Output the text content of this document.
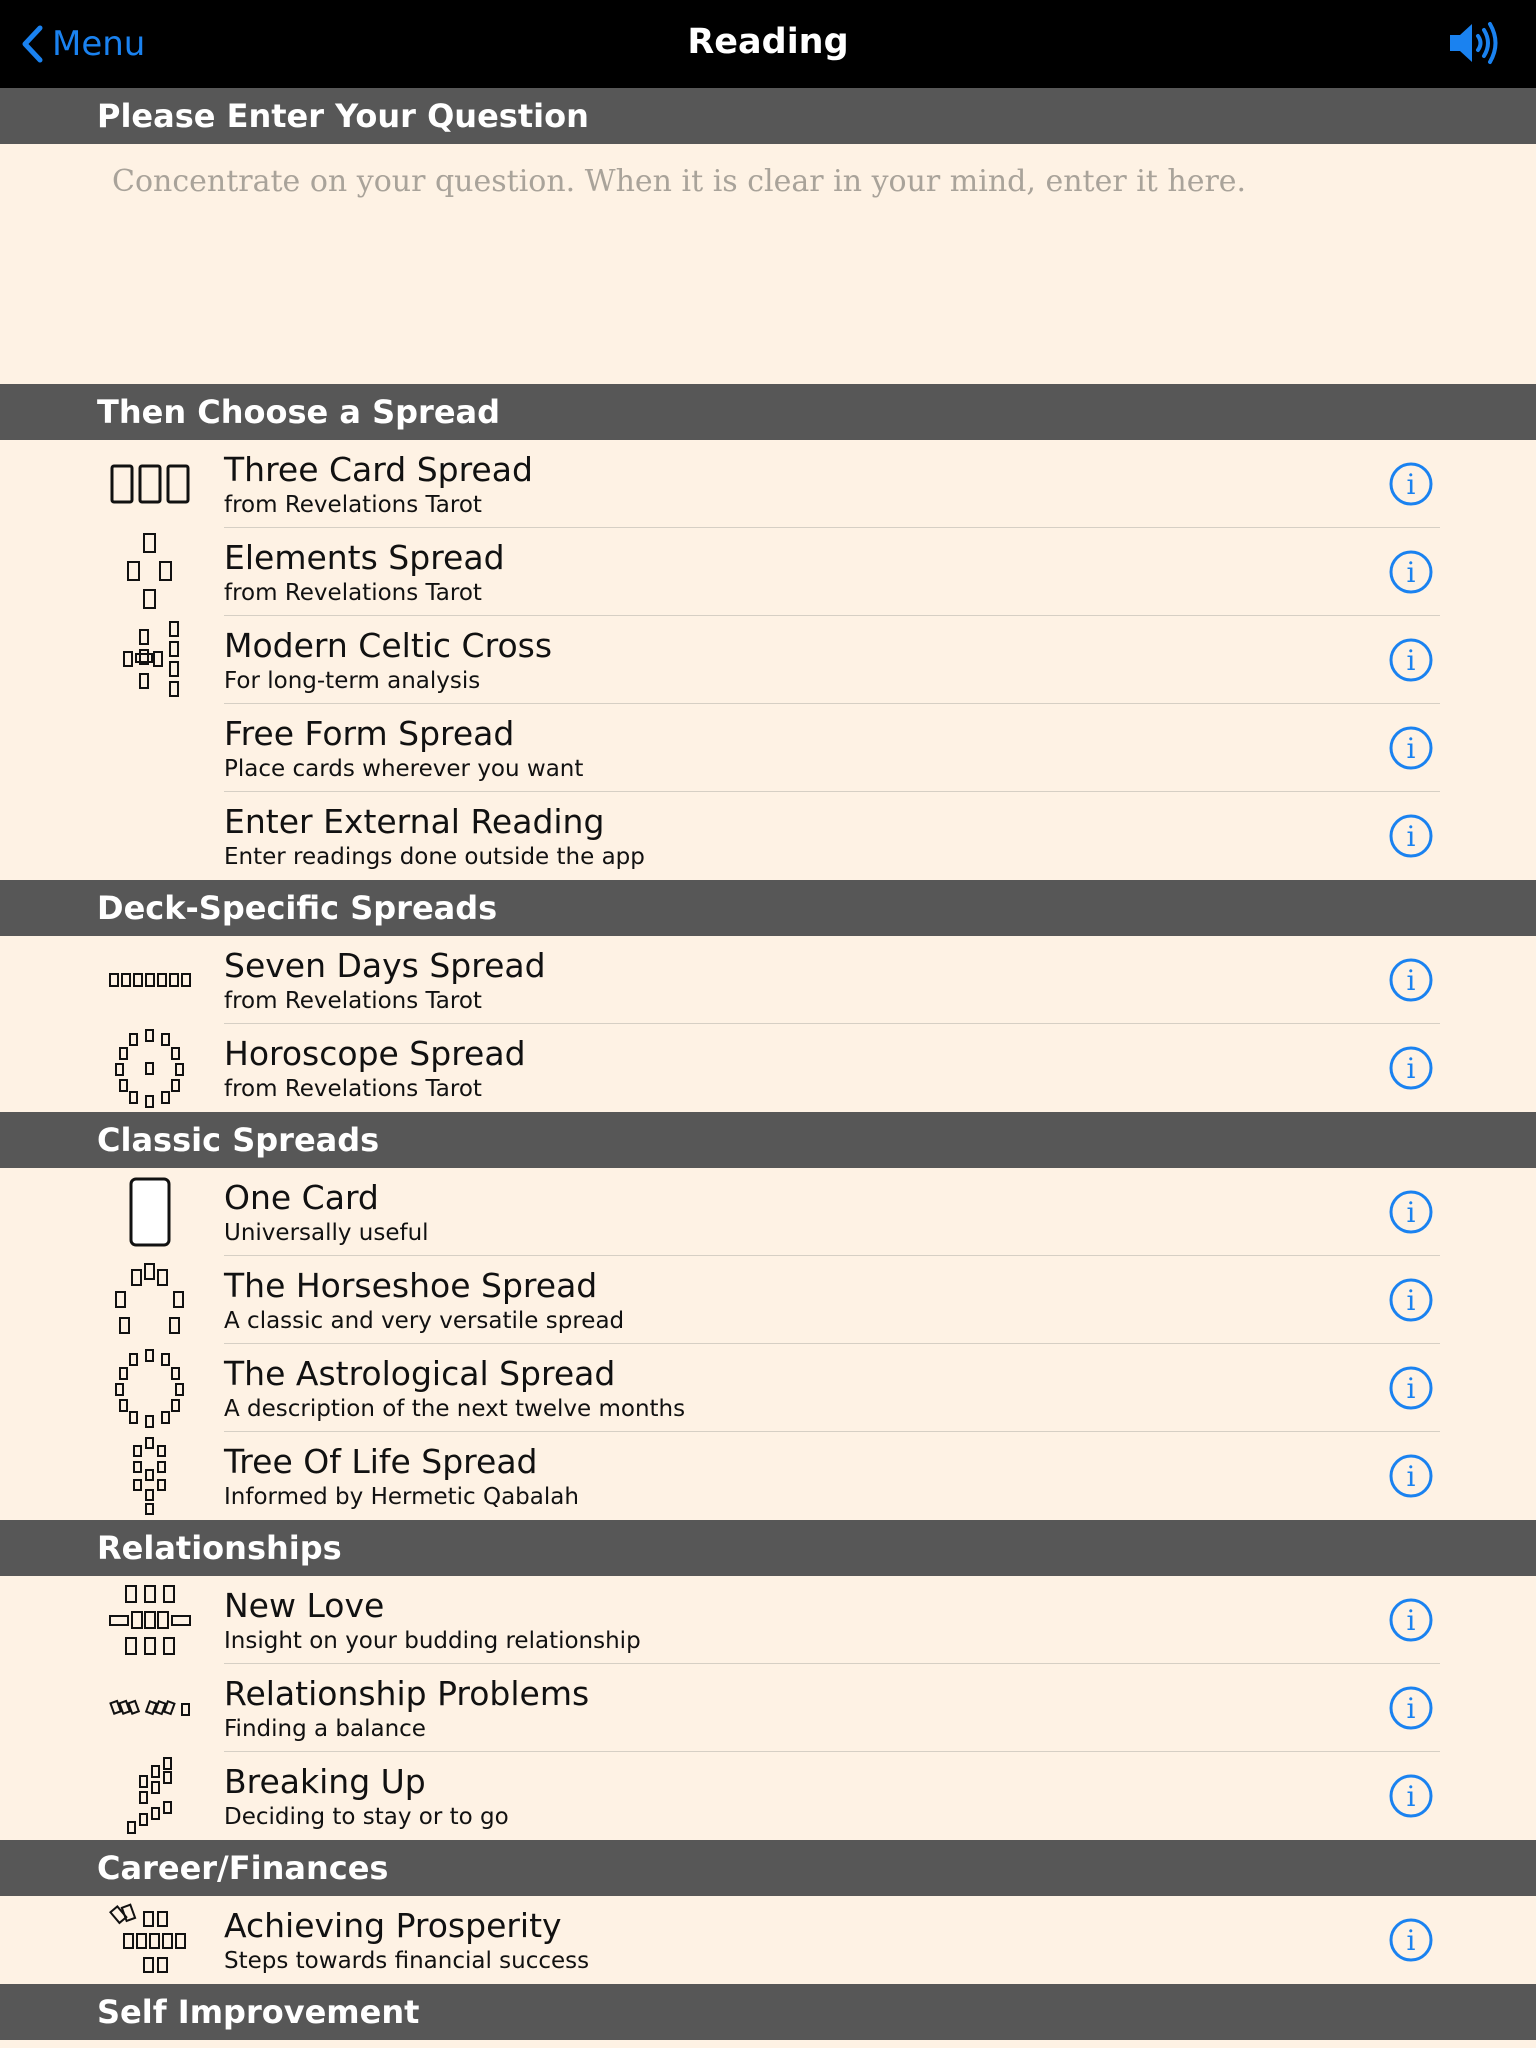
Menu	Reading
Please Enter Your Question
Concentrate on your question. When it is clear in your mind, enter it here.
Then Choose a Spread
Three Card Spread
from Revelations Tarot
i
Elements Spread
from Revelations Tarot
i
Modern Celtic Cross
For long-term analysis
i
Free Form Spread
Place cards wherever you want
i
Enter External Reading
Enter readings done outside the app
i
Deck-Specific Spreads
Seven Days Spread
from Revelations Tarot
i
Horoscope Spread
from Revelations Tarot
i
Classic Spreads
One Card
Universally useful
i
The Horseshoe Spread
A classic and very versatile spread
i
The Astrological Spread
A description of the next twelve months
i
Tree Of Life Spread
Informed by Hermetic Qabalah
i
Relationships
New Love
Insight on your budding relationship
i
Relationship Problems
Finding a balance
i
Breaking Up
Deciding to stay or to go
i
Career/Finances
Achieving Prosperity
Steps towards financial success
i
Self Improvement
